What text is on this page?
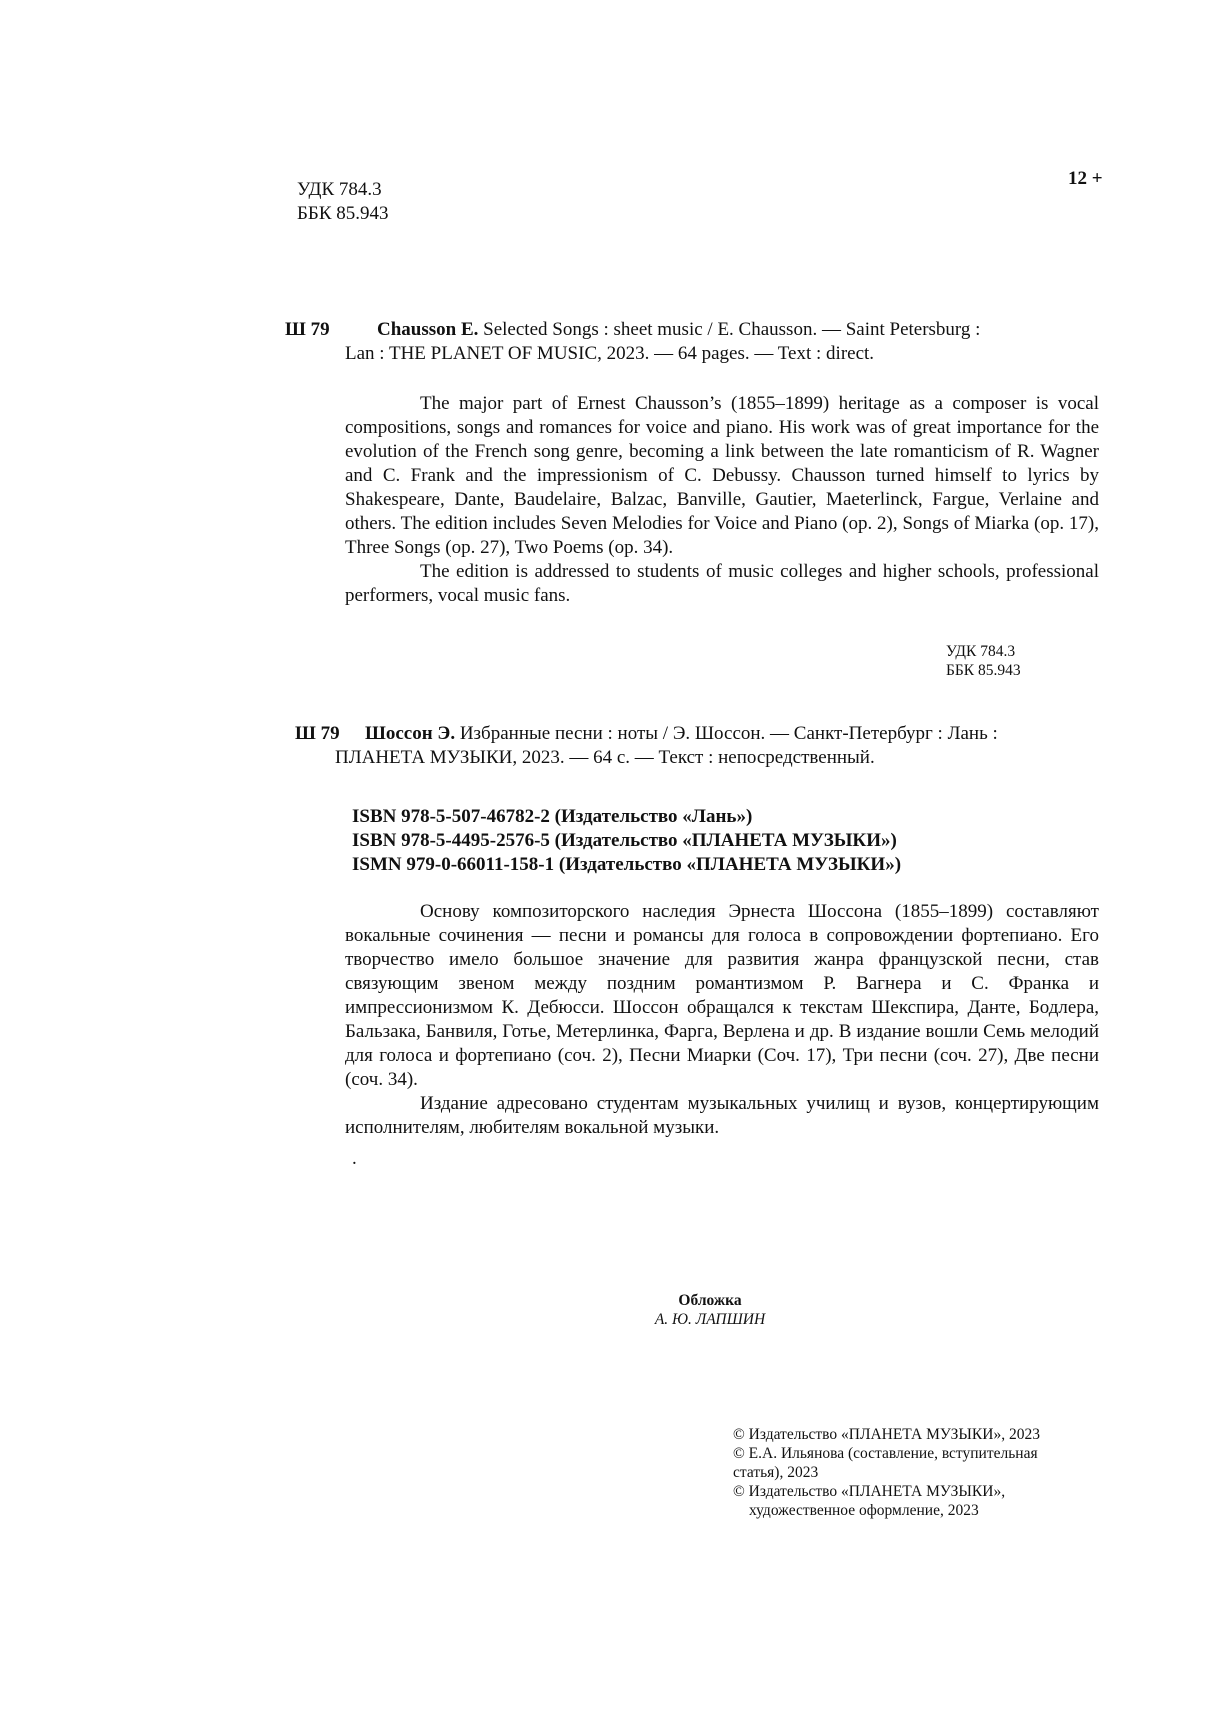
УДК 784.3
ББК 85.943
12 +
Ш 79 Chausson E. Selected Songs : sheet music / E. Chausson. — Saint Petersburg :
Lan : THE PLANET OF MUSIC, 2023. — 64 pages. — Text : direct.

The major part of Ernest Chausson’s (1855–1899) heritage as a composer is vocal compositions, songs and romances for voice and piano. His work was of great importance for the evolution of the French song genre, becoming a link between the late romanticism of R. Wagner and C. Frank and the impressionism of C. Debussy. Chausson turned himself to lyrics by Shakespeare, Dante, Baudelaire, Balzac, Banville, Gautier, Maeterlinck, Fargue, Verlaine and others. The edition includes Seven Melodies for Voice and Piano (op. 2), Songs of Miarka (op. 17), Three Songs (op. 27), Two Poems (op. 34).

The edition is addressed to students of music colleges and higher schools, professional performers, vocal music fans.

УДК 784.3
ББК 85.943
Ш 79 Шоссон Э. Избранные песни : ноты / Э. Шоссон. — Санкт-Петербург : Лань :
ПЛАНЕТА МУЗЫКИ, 2023. — 64 с. — Текст : непосредственный.
ISBN 978-5-507-46782-2 (Издательство «Лань»)
ISBN 978-5-4495-2576-5 (Издательство «ПЛАНЕТА МУЗЫКИ»)
ISMN 979-0-66011-158-1 (Издательство «ПЛАНЕТА МУЗЫКИ»)

Основу композиторского наследия Эрнеста Шоссона (1855–1899) составляют вокальные сочинения — песни и романсы для голоса в сопровождении фортепиано. Его творчество имело большое значение для развития жанра французской песни, став связующим звеном между поздним романтизмом Р. Вагнера и С. Франка и импрессионизмом К. Дебюсси. Шоссон обращался к текстам Шекспира, Данте, Бодлера, Бальзака, Банвиля, Готье, Метерлинка, Фарга, Верлена и др. В издание вошли Семь мелодий для голоса и фортепиано (соч. 2), Песни Миарки (Соч. 17), Три песни (соч. 27), Две песни (соч. 34).

Издание адресовано студентам музыкальных училищ и вузов, концертирующим исполнителям, любителям вокальной музыки.

.
Обложка
А. Ю. ЛАПШИН
© Издательство «ПЛАНЕТА МУЗЫКИ», 2023
© Е.А. Ильянова (составление, вступительная
статья), 2023
© Издательство «ПЛАНЕТА МУЗЫКИ»,
художественное оформление, 2023
